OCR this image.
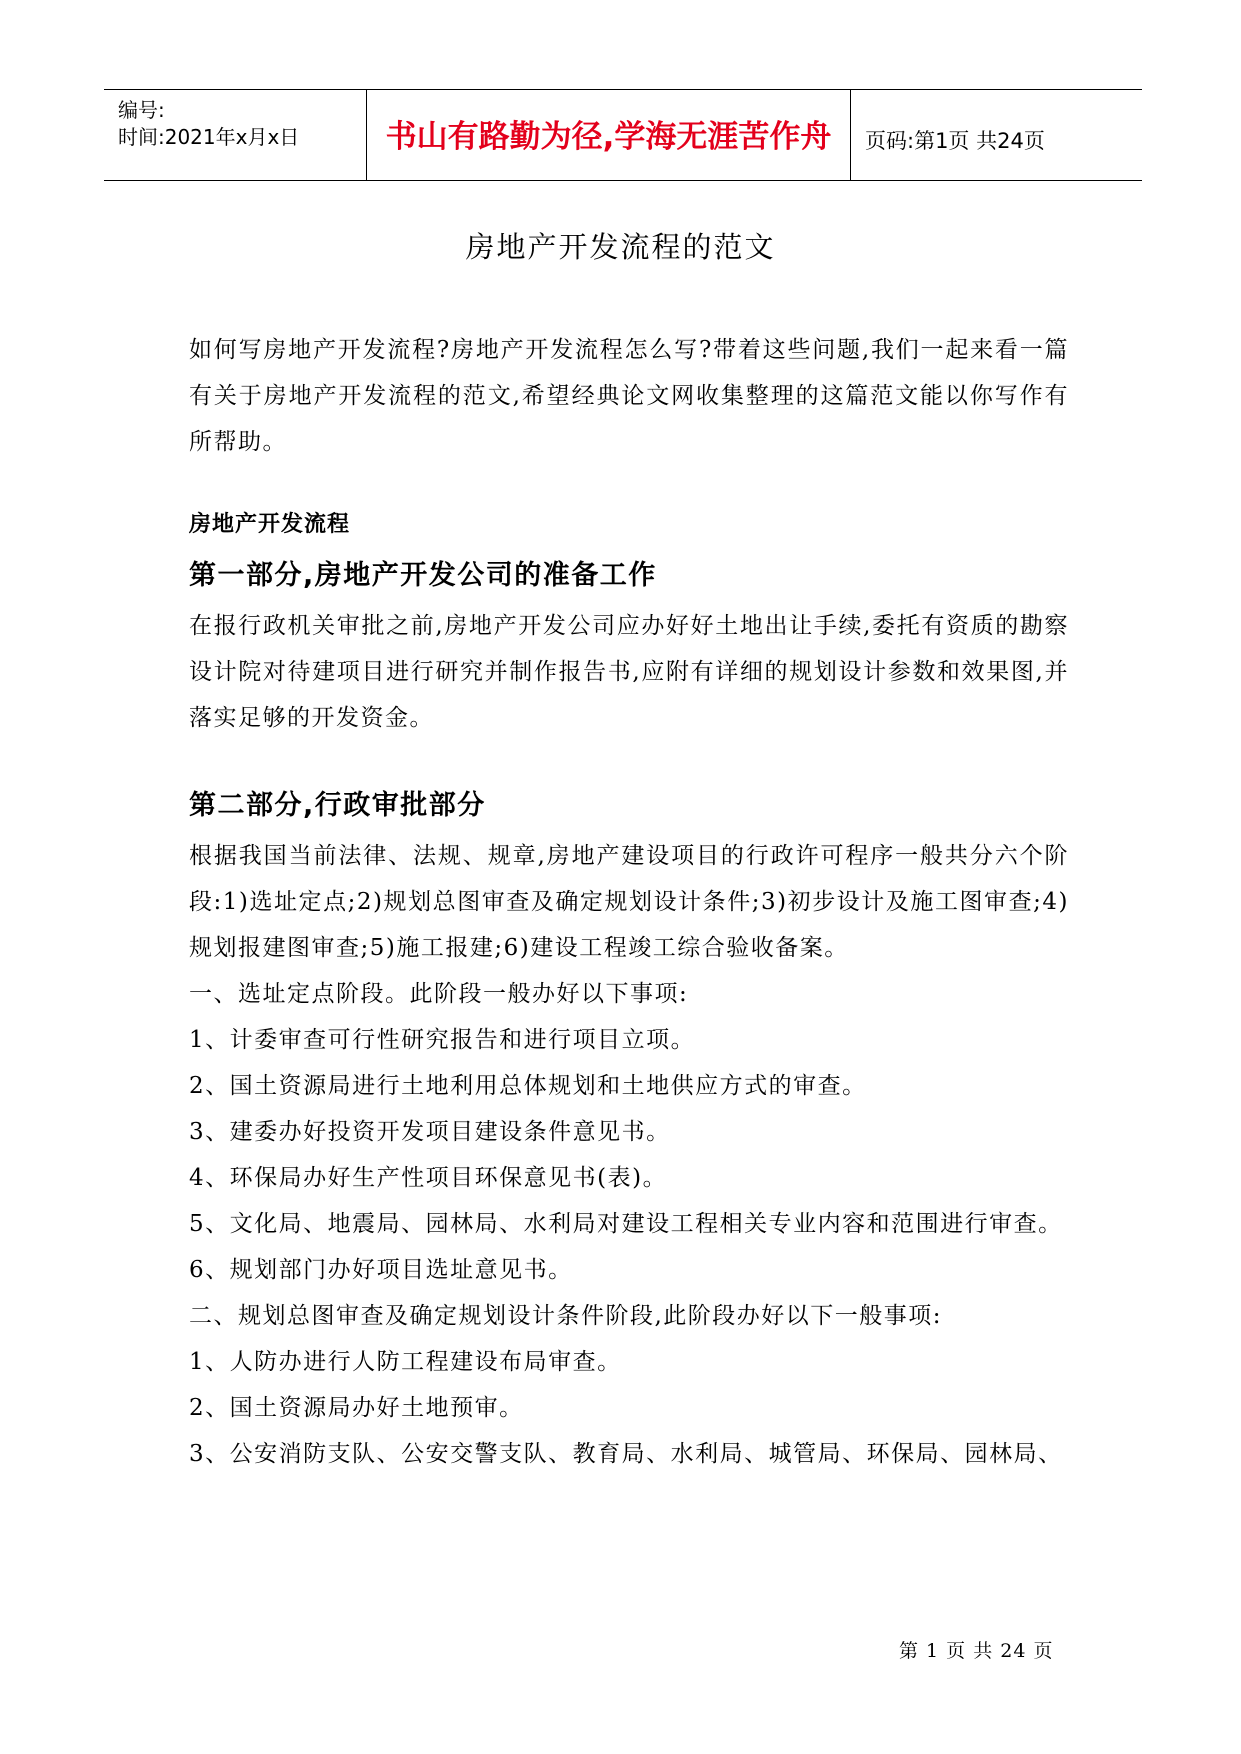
编号:
时间:2021年x月x日	书山有路勤为径,学海无涯苦作舟 页码:第1页 共24页
房地产开发流程的范文

如何写房地产开发流程?房地产开发流程怎么写?带着这些问题,我们一起来看一篇有关于房地产开发流程的范文,希望经典论文网收集整理的这篇范文能以你写作有所帮助。

房地产开发流程
第一部分,房地产开发公司的准备工作

在报行政机关审批之前,房地产开发公司应办好好土地出让手续,委托有资质的勘察设计院对待建项目进行研究并制作报告书,应附有详细的规划设计参数和效果图,并落实足够的开发资金。

第二部分,行政审批部分

根据我国当前法律、法规、规章,房地产建设项目的行政许可程序一般共分六个阶段:1)选址定点;2)规划总图审查及确定规划设计条件;3)初步设计及施工图审查;4)规划报建图审查;5)施工报建;6)建设工程竣工综合验收备案。

一、选址定点阶段。此阶段一般办好以下事项:

1、计委审查可行性研究报告和进行项目立项。

2、国土资源局进行土地利用总体规划和土地供应方式的审查。

3、建委办好投资开发项目建设条件意见书。

4、环保局办好生产性项目环保意见书(表)。

5、文化局、地震局、园林局、水利局对建设工程相关专业内容和范围进行审查。

6、规划部门办好项目选址意见书。

二、规划总图审查及确定规划设计条件阶段,此阶段办好以下一般事项:

1、人防办进行人防工程建设布局审查。

2、国土资源局办好土地预审。

3、公安消防支队、公安交警支队、教育局、水利局、城管局、环保局、园林局、

第 1 页 共 24 页
